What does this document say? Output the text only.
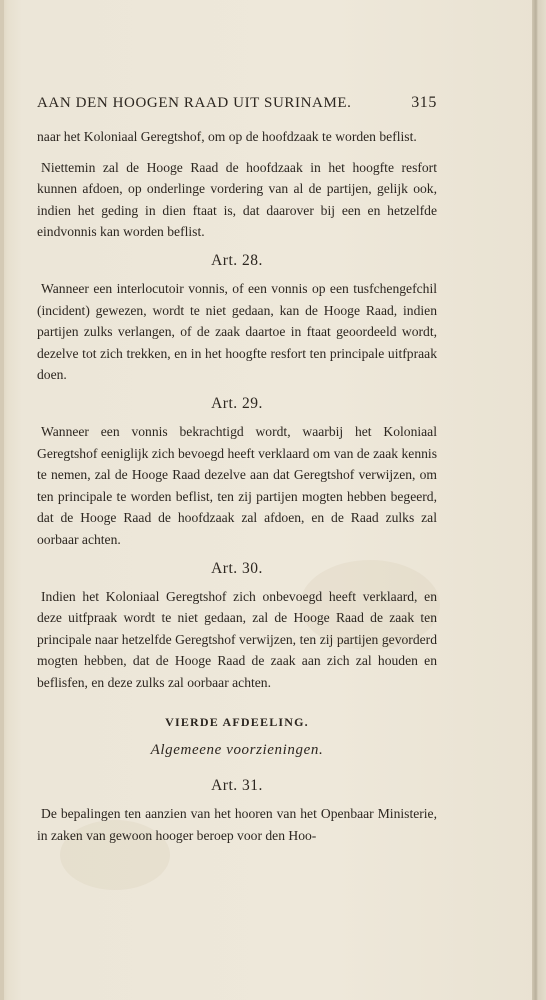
AAN DEN HOOGEN RAAD UIT SURINAME.	315

naar het Koloniaal Geregtshof, om op de hoofdzaak te worden beflist.

Niettemin zal de Hooge Raad de hoofdzaak in het hoogfte resfort kunnen afdoen, op onderlinge vordering van al de partijen, gelijk ook, indien het geding in dien ftaat is, dat daarover bij een en hetzelfde eindvonnis kan worden beflist.

Art. 28.

Wanneer een interlocutoir vonnis, of een vonnis op een tusfchengefchil (incident) gewezen, wordt te niet gedaan, kan de Hooge Raad, indien partijen zulks verlangen, of de zaak daartoe in ftaat geoordeeld wordt, dezelve tot zich trekken, en in het hoogfte resfort ten principale uitfpraak doen.

Art. 29.

Wanneer een vonnis bekrachtigd wordt, waarbij het Koloniaal Geregtshof eeniglijk zich bevoegd heeft verklaard om van de zaak kennis te nemen, zal de Hooge Raad dezelve aan dat Geregtshof verwijzen, om ten principale te worden beflist, ten zij partijen mogten hebben begeerd, dat de Hooge Raad de hoofdzaak zal afdoen, en de Raad zulks zal oorbaar achten.

Art. 30.

Indien het Koloniaal Geregtshof zich onbevoegd heeft verklaard, en deze uitfpraak wordt te niet gedaan, zal de Hooge Raad de zaak ten principale naar hetzelfde Geregtshof verwijzen, ten zij partijen gevorderd mogten hebben, dat de Hooge Raad de zaak aan zich zal houden en beflisfen, en deze zulks zal oorbaar achten.

VIERDE AFDEELING.
Algemeene voorzieningen.
Art. 31.

De bepalingen ten aanzien van het hooren van het Openbaar Ministerie, in zaken van gewoon hooger beroep voor den Hoo-
